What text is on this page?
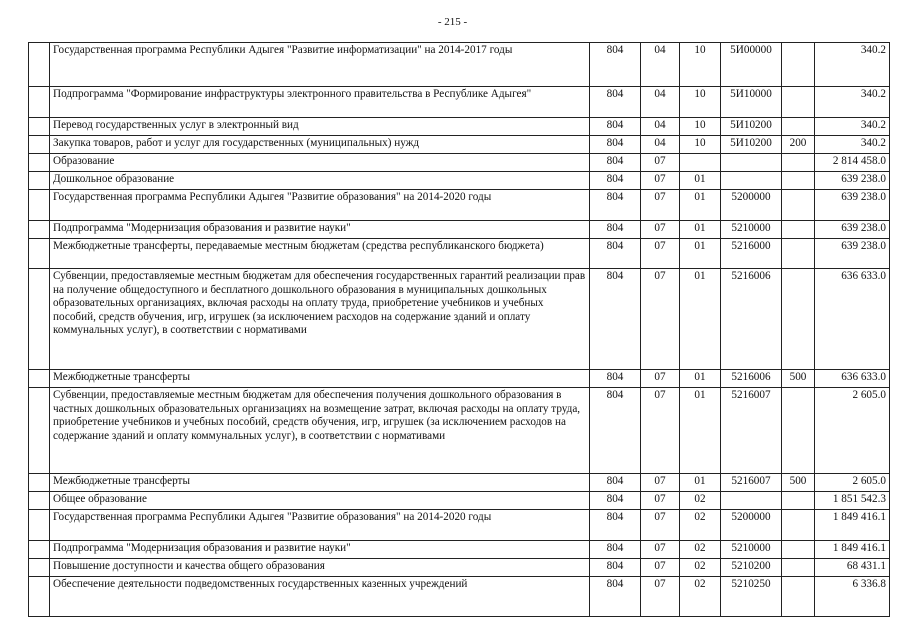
- 215 -
	Государственная программа Республики Адыгея "Развитие информатизации" на 2014-2017 годы	804	04	10	5И00000		340.2
	Подпрограмма "Формирование инфраструктуры электронного правительства в Республике Адыгея"	804	04	10	5И10000		340.2
	Перевод государственных услуг в электронный вид	804	04	10	5И10200		340.2
	Закупка товаров, работ и услуг для государственных (муниципальных) нужд	804	04	10	5И10200	200	340.2
	Образование	804	07				2 814 458.0
	Дошкольное образование	804	07	01			639 238.0
	Государственная программа Республики Адыгея "Развитие образования" на 2014-2020 годы	804	07	01	5200000		639 238.0
	Подпрограмма "Модернизация образования и развитие науки"	804	07	01	5210000		639 238.0
	Межбюджетные трансферты, передаваемые местным бюджетам (средства республиканского бюджета)	804	07	01	5216000		639 238.0
	Субвенции, предоставляемые местным бюджетам для обеспечения государственных гарантий реализации прав на получение общедоступного и бесплатного дошкольного образования в муниципальных дошкольных образовательных организациях, включая расходы на оплату труда, приобретение учебников и учебных пособий, средств обучения, игр, игрушек (за исключением расходов на содержание зданий и оплату коммунальных услуг), в соответствии с нормативами	804	07	01	5216006		636 633.0
	Межбюджетные трансферты	804	07	01	5216006	500	636 633.0
	Субвенции, предоставляемые местным бюджетам для обеспечения получения дошкольного образования в частных дошкольных образовательных организациях на возмещение затрат, включая расходы на оплату труда, приобретение учебников и учебных пособий, средств обучения, игр, игрушек (за исключением расходов на содержание зданий и оплату коммунальных услуг), в соответствии с нормативами	804	07	01	5216007		2 605.0
	Межбюджетные трансферты	804	07	01	5216007	500	2 605.0
	Общее образование	804	07	02			1 851 542.3
	Государственная программа Республики Адыгея "Развитие образования" на 2014-2020 годы	804	07	02	5200000		1 849 416.1
	Подпрограмма "Модернизация образования и развитие науки"	804	07	02	5210000		1 849 416.1
	Повышение доступности и качества общего образования	804	07	02	5210200		68 431.1
	Обеспечение деятельности подведомственных государственных казенных учреждений	804	07	02	5210250		6 336.8
